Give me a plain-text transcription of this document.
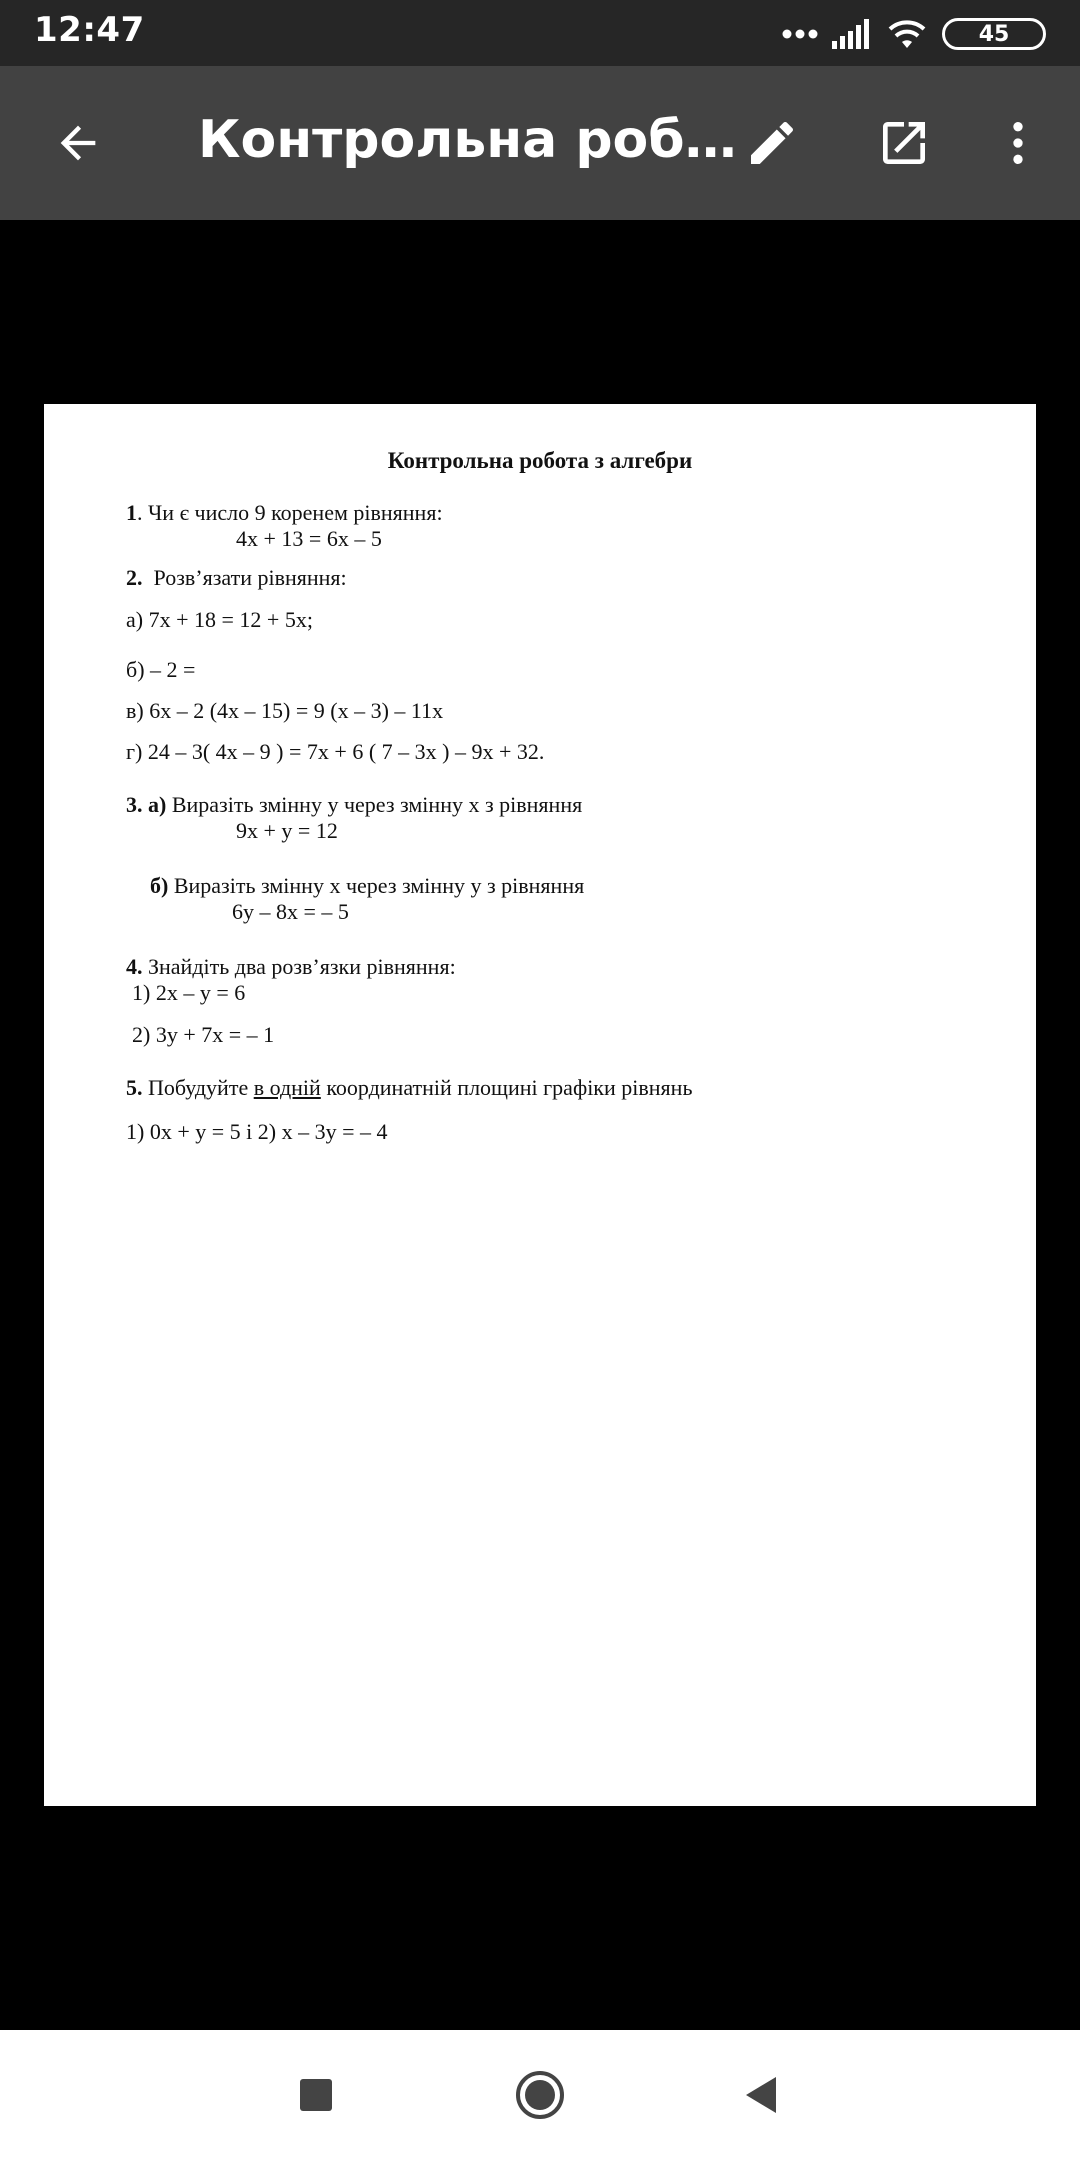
12:47	45
Контрольна роб…
Контрольна робота з алгебри
1. Чи є число 9 коренем рівняння:
4x + 13 = 6x – 5
2. Розв’язати рівняння:
а) 7x + 18 = 12 + 5x;
б) – 2 =
в) 6x – 2 (4x – 15) = 9 (x – 3) – 11x
г) 24 – 3( 4x – 9 ) = 7x + 6 ( 7 – 3x ) – 9x + 32.
3. а) Виразіть змінну у через змінну х з рівняння
9x + y = 12
б) Виразіть змінну х через змінну у з рівняння
6y – 8x = – 5
4. Знайдіть два розв’язки рівняння:
1) 2x – y = 6
2) 3y + 7x = – 1
5. Побудуйте в одній координатній площині графіки рівнянь
1) 0x + y = 5 і 2) x – 3y = – 4
